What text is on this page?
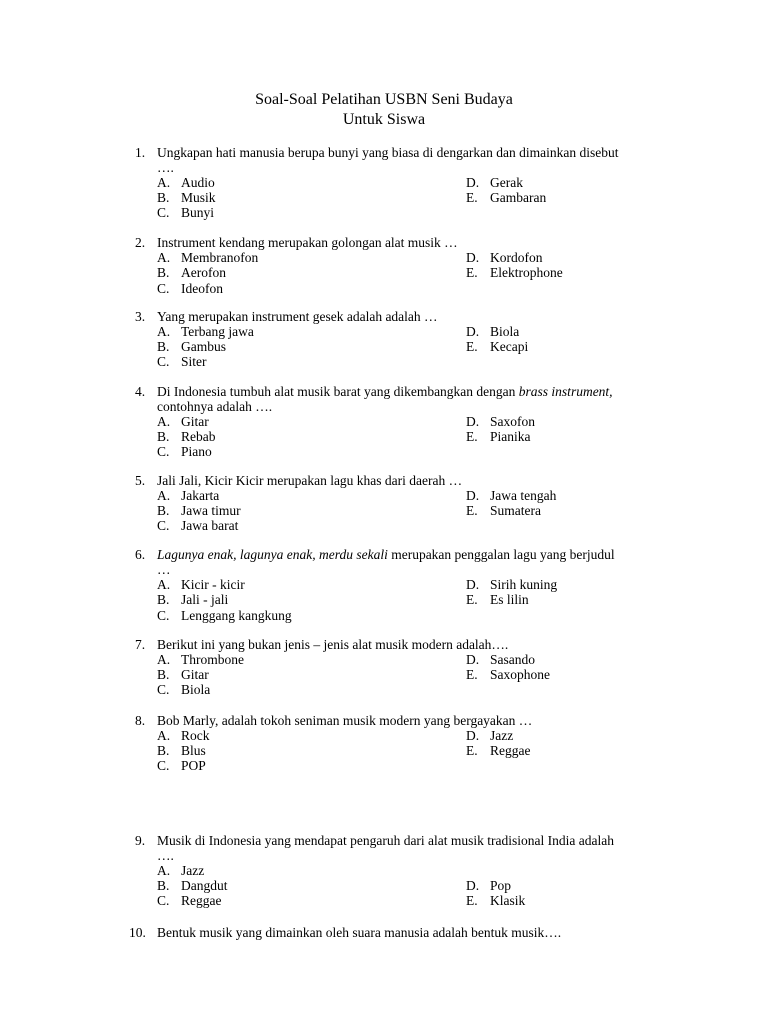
Soal-Soal Pelatihan USBN Seni Budaya
Untuk Siswa
1. Ungkapan hati manusia berupa bunyi yang biasa di dengarkan dan dimainkan disebut
….
A. Audio
B. Musik
C. Bunyi
D. Gerak
E. Gambaran
2. Instrument kendang merupakan golongan alat musik …
A. Membranofon
B. Aerofon
C. Ideofon
D. Kordofon
E. Elektrophone
3. Yang merupakan instrument gesek adalah adalah …
A. Terbang jawa
B. Gambus
C. Siter
D. Biola
E. Kecapi
4. Di Indonesia tumbuh alat musik barat yang dikembangkan dengan brass instrument,
contohnya adalah ….
A. Gitar
B. Rebab
C. Piano
D. Saxofon
E. Pianika
5. Jali Jali, Kicir Kicir merupakan lagu khas dari daerah …
A. Jakarta
B. Jawa timur
C. Jawa barat
D. Jawa tengah
E. Sumatera
6. Lagunya enak, lagunya enak, merdu sekali merupakan penggalan lagu yang berjudul
…
A. Kicir - kicir
B. Jali - jali
C. Lenggang kangkung
D. Sirih kuning
E. Es lilin
7. Berikut ini yang bukan jenis – jenis alat musik modern adalah….
A. Thrombone
B. Gitar
C. Biola
D. Sasando
E. Saxophone
8. Bob Marly, adalah tokoh seniman musik modern yang bergayakan …
A. Rock
B. Blus
C. POP
D. Jazz
E. Reggae
9. Musik di Indonesia yang mendapat pengaruh dari alat musik tradisional India adalah
….
A. Jazz
B. Dangdut
C. Reggae
D. Pop
E. Klasik
10. Bentuk musik yang dimainkan oleh suara manusia adalah bentuk musik….
